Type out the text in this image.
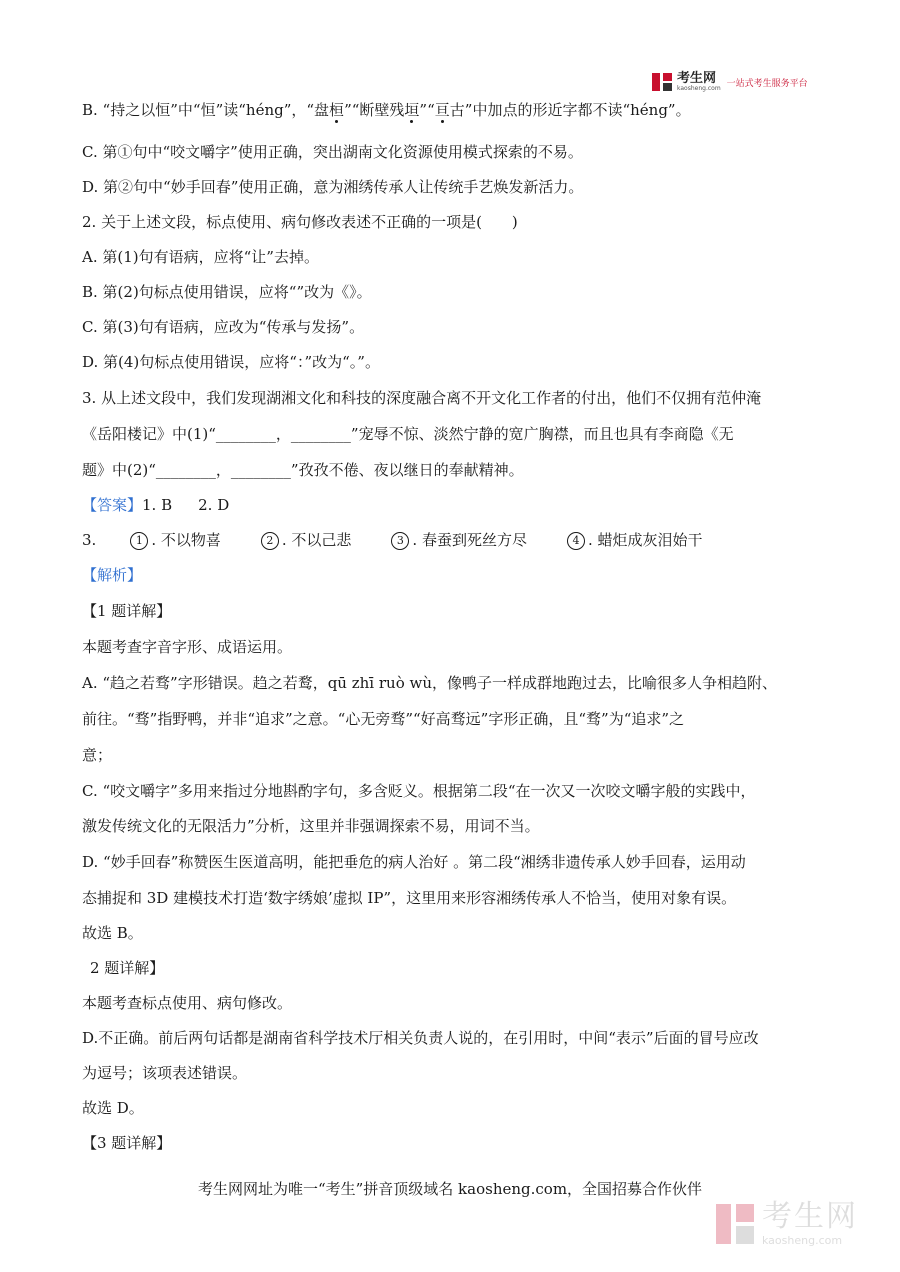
考生网
kaosheng.com 一站式考生服务平台
B. “持之以恒”中“恒”读“héng”，“盘桓”“断壁残垣”“亘古”中加点的形近字都不读“héng”。
C. 第①句中“咬文嚼字”使用正确，突出湖南文化资源使用模式探索的不易。
D. 第②句中“妙手回春”使用正确，意为湘绣传承人让传统手艺焕发新活力。
2. 关于上述文段，标点使用、病句修改表述不正确的一项是(　　)
A. 第(1)句有语病，应将“让”去掉。
B. 第(2)句标点使用错误，应将“”改为《》。
C. 第(3)句有语病，应改为“传承与发扬”。
D. 第(4)句标点使用错误，应将“：”改为“。”。
3. 从上述文段中，我们发现湖湘文化和科技的深度融合离不开文化工作者的付出，他们不仅拥有范仲淹
《岳阳楼记》中(1)“________，________”宠辱不惊、淡然宁静的宽广胸襟，而且也具有李商隐《无
题》中(2)“________，________”孜孜不倦、夜以继日的奉献精神。
【答案】1. B 2. D
3.	1 . 不以物喜	2 . 不以己悲	3 . 春蚕到死丝方尽	4 . 蜡炬成灰泪始干
【解析】
【1 题详解】
本题考查字音字形、成语运用。
A. “趋之若骛”字形错误。趋之若鹜，qū zhī ruò wù，像鸭子一样成群地跑过去，比喻很多人争相趋附、
前往。“骛”指野鸭，并非“追求”之意。“心无旁骛”“好高骛远”字形正确，且“骛”为“追求”之
意；
C. “咬文嚼字”多用来指过分地斟酌字句，多含贬义。根据第二段“在一次又一次咬文嚼字般的实践中，
激发传统文化的无限活力”分析，这里并非强调探索不易，用词不当。
D. “妙手回春”称赞医生医道高明，能把垂危的病人治好 。第二段“湘绣非遗传承人妙手回春，运用动
态捕捉和 3D 建模技术打造‘数字绣娘’虚拟 IP”，这里用来形容湘绣传承人不恰当，使用对象有误。
故选 B。
2 题详解】
本题考查标点使用、病句修改。
D.不正确。前后两句话都是湖南省科学技术厅相关负责人说的，在引用时，中间“表示”后面的冒号应改
为逗号；该项表述错误。
故选 D。
【3 题详解】
考生网网址为唯一“考生”拼音顶级域名 kaosheng.com，全国招募合作伙伴
考生网
kaosheng.com
